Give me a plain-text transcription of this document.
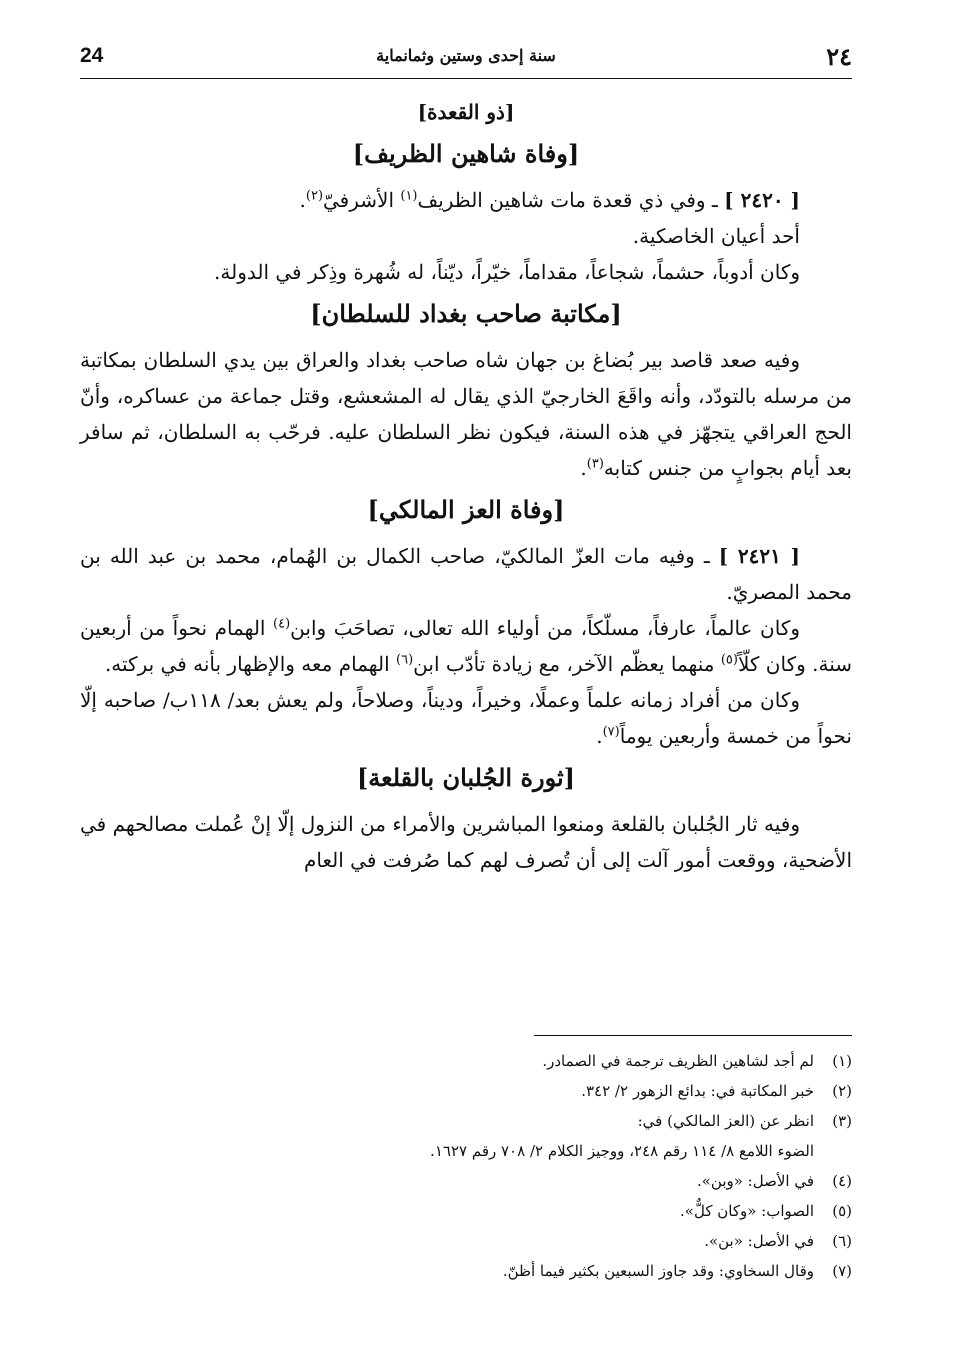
24	سنة إحدى وستين وثمانماية	٢٤
[ذو القعدة]
[وفاة شاهين الظريف]

[ ٢٤٢٠ ] ـ وفي ذي قعدة مات شاهين الظريف$^{(١)}$ الأشرفيّ$^{(٢)}$.

أحد أعيان الخاصكية.

وكان أدوباً، حشماً، شجاعاً، مقداماً، خيّراً، ديّناً، له شُهرة وذِكر في الدولة.

[مكاتبة صاحب بغداد للسلطان]

وفيه صعد قاصد بير بُضاغ بن جهان شاه صاحب بغداد والعراق بين يدي السلطان بمكاتبة من مرسله بالتودّد، وأنه واقَعَ الخارجيّ الذي يقال له المشعشع، وقتل جماعة من عساكره، وأنّ الحج العراقي يتجهّز في هذه السنة، فيكون نظر السلطان عليه. فرحّب به السلطان، ثم سافر بعد أيام بجوابٍ من جنس كتابه$^{(٣)}$.

[وفاة العز المالكي]

[ ٢٤٢١ ] ـ وفيه مات العزّ المالكيّ، صاحب الكمال بن الهُمام، محمد بن عبد الله بن محمد المصريّ.

وكان عالماً، عارفاً، مسلّكاً، من أولياء الله تعالى، تصاحَبَ وابن$^{(٤)}$ الهمام نحواً من أربعين سنة. وكان كلّاً$^{(٥)}$ منهما يعظّم الآخر، مع زيادة تأدّب ابن$^{(٦)}$ الهمام معه والإظهار بأنه في بركته.

وكان من أفراد زمانه علماً وعملًا، وخيراً، وديناً، وصلاحاً، ولم يعش بعد/ ١١٨ب/ صاحبه إلّا نحواً من خمسة وأربعين يوماً$^{(٧)}$.

[ثورة الجُلبان بالقلعة]

وفيه ثار الجُلبان بالقلعة ومنعوا المباشرين والأمراء من النزول إلّا إنْ عُملت مصالحهم في الأضحية، ووقعت أمور آلت إلى أن تُصرف لهم كما صُرفت في العام

(١)
لم أجد لشاهين الظريف ترجمة في الصمادر.
(٢)
خبر المكاتبة في: بدائع الزهور ٢/ ٣٤٢.
(٣)
انظر عن (العز المالكي) في:
الضوء اللامع ٨/ ١١٤ رقم ٢٤٨، ووجيز الكلام ٢/ ٧٠٨ رقم ١٦٢٧.
(٤)
في الأصل: «وبن».
(٥)
الصواب: «وكان كلٌّ».
(٦)
في الأصل: «بن».
(٧)
وقال السخاوي: وقد جاوز السبعين بكثير فيما أظنّ.
